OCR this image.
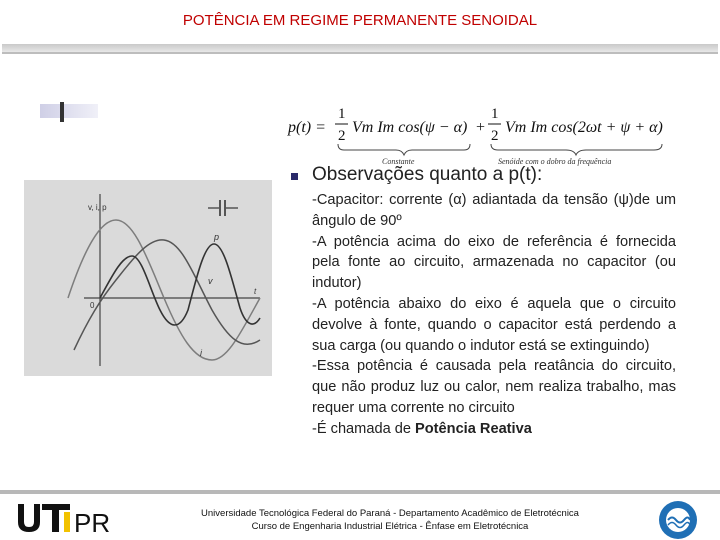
POTÊNCIA EM REGIME PERMANENTE SENOIDAL
p(t) =
1
2 Vm Im cos(ψ − α) +
1
2 Vm Im cos(2ωt + ψ + α)
Constante	Senóide com o dobro da frequência
Observações quanto a p(t):

-Capacitor: corrente (α) adiantada da tensão (ψ)de um ângulo de 90º

-A potência acima do eixo de referência é fornecida pela fonte ao circuito, armazenada no capacitor (ou indutor)

-A potência abaixo do eixo é aquela que o circuito devolve à fonte, quando o capacitor está perdendo a sua carga (ou quando o indutor está se extinguindo)

-Essa potência é causada pela reatância do circuito, que não produz luz ou calor, nem realiza trabalho, mas requer uma corrente no circuito

-É chamada de Potência Reativa

v, i, p
t
0
p
v
i
PR	Universidade Tecnológica Federal do Paraná - Departamento Acadêmico de Eletrotécnica
Curso de Engenharia Industrial Elétrica - Ênfase em Eletrotécnica
